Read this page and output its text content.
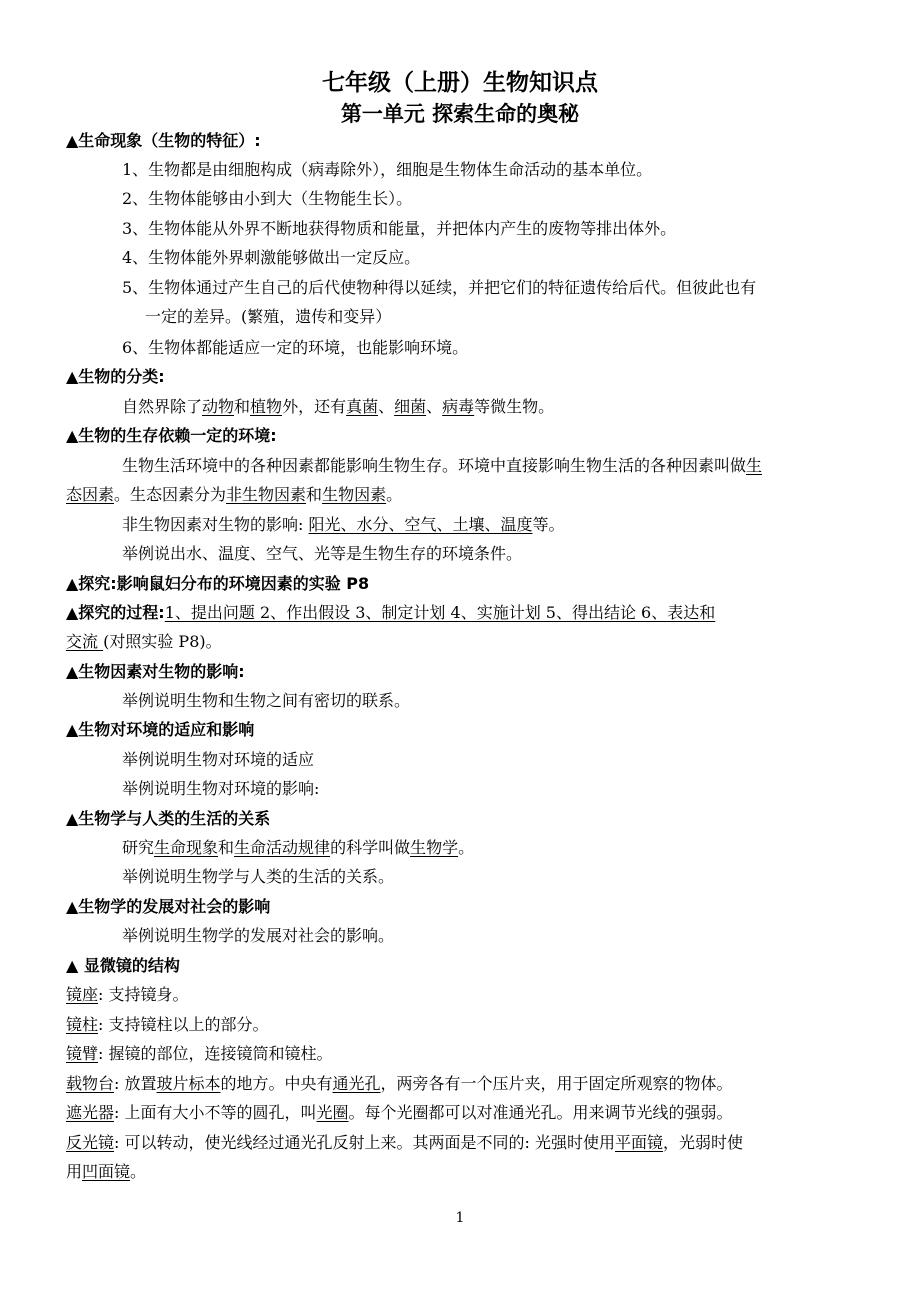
七年级（上册）生物知识点
第一单元 探索生命的奥秘
▲生命现象（生物的特征）:
1、生物都是由细胞构成（病毒除外），细胞是生物体生命活动的基本单位。
2、生物体能够由小到大（生物能生长）。
3、生物体能从外界不断地获得物质和能量，并把体内产生的废物等排出体外。
4、生物体能外界刺激能够做出一定反应。
5、生物体通过产生自己的后代使物种得以延续，并把它们的特征遗传给后代。但彼此也有
一定的差异。(繁殖，遗传和变异）
6、生物体都能适应一定的环境，也能影响环境。
▲生物的分类:
自然界除了动物和植物外，还有真菌、细菌、病毒等微生物。
▲生物的生存依赖一定的环境:
生物生活环境中的各种因素都能影响生物生存。环境中直接影响生物生活的各种因素叫做生
态因素。生态因素分为非生物因素和生物因素。
非生物因素对生物的影响: 阳光、水分、空气、土壤、温度等。
举例说出水、温度、空气、光等是生物生存的环境条件。
▲探究:影响鼠妇分布的环境因素的实验 P8
▲探究的过程:1、提出问题 2、作出假设 3、制定计划 4、实施计划 5、得出结论 6、表达和
交流 (对照实验 P8)。
▲生物因素对生物的影响:
举例说明生物和生物之间有密切的联系。
▲生物对环境的适应和影响
举例说明生物对环境的适应
举例说明生物对环境的影响:
▲生物学与人类的生活的关系
研究生命现象和生命活动规律的科学叫做生物学。
举例说明生物学与人类的生活的关系。
▲生物学的发展对社会的影响
举例说明生物学的发展对社会的影响。
▲ 显微镜的结构
镜座: 支持镜身。
镜柱: 支持镜柱以上的部分。
镜臂: 握镜的部位，连接镜筒和镜柱。
载物台: 放置玻片标本的地方。中央有通光孔，两旁各有一个压片夹，用于固定所观察的物体。
遮光器: 上面有大小不等的圆孔，叫光圈。每个光圈都可以对准通光孔。用来调节光线的强弱。
反光镜: 可以转动，使光线经过通光孔反射上来。其两面是不同的: 光强时使用平面镜，光弱时使
用凹面镜。
1
